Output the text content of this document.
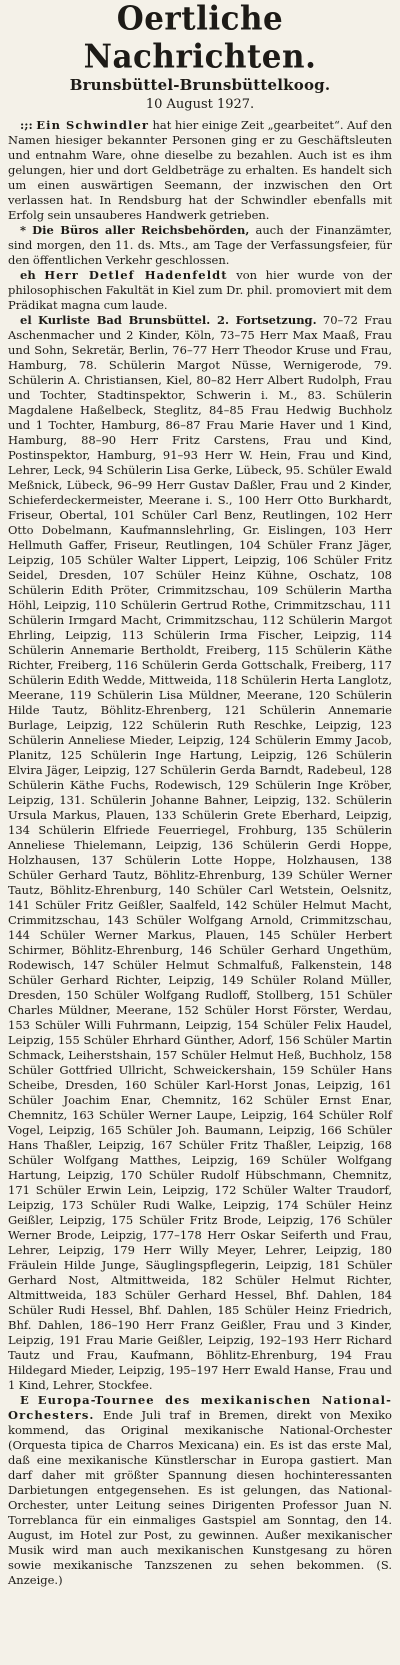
Oertliche Nachrichten.
Brunsbüttel-Brunsbüttelkoog.
10 August 1927.

:;: Ein Schwindler hat hier einige Zeit „gearbeitet“. Auf den Namen hiesiger bekannter Personen ging er zu Geschäftsleuten und entnahm Ware, ohne dieselbe zu bezahlen. Auch ist es ihm gelungen, hier und dort Geldbeträge zu erhalten. Es handelt sich um einen auswärtigen Seemann, der inzwischen den Ort verlassen hat. In Rendsburg hat der Schwindler ebenfalls mit Erfolg sein unsauberes Handwerk getrieben.

* Die Büros aller Reichsbehörden, auch der Finanzämter, sind morgen, den 11. ds. Mts., am Tage der Verfassungsfeier, für den öffentlichen Verkehr geschlossen.

eh Herr Detlef Hadenfeldt von hier wurde von der philosophischen Fakultät in Kiel zum Dr. phil. promoviert mit dem Prädikat magna cum laude.

el Kurliste Bad Brunsbüttel. 2. Fortsetzung. 70–72 Frau Aschenmacher und 2 Kinder, Köln, 73–75 Herr Max Maaß, Frau und Sohn, Sekretär, Berlin, 76–77 Herr Theodor Kruse und Frau, Hamburg, 78. Schülerin Margot Nüsse, Wernigerode, 79. Schülerin A. Christiansen, Kiel, 80–82 Herr Albert Rudolph, Frau und Tochter, Stadtinspektor, Schwerin i. M., 83. Schülerin Magdalene Haßelbeck, Steglitz, 84–85 Frau Hedwig Buchholz und 1 Tochter, Hamburg, 86–87 Frau Marie Haver und 1 Kind, Hamburg, 88–90 Herr Fritz Carstens, Frau und Kind, Postinspektor, Hamburg, 91–93 Herr W. Hein, Frau und Kind, Lehrer, Leck, 94 Schülerin Lisa Gerke, Lübeck, 95. Schüler Ewald Meßnick, Lübeck, 96–99 Herr Gustav Daßler, Frau und 2 Kinder, Schieferdeckermeister, Meerane i. S., 100 Herr Otto Burkhardt, Friseur, Obertal, 101 Schüler Carl Benz, Reutlingen, 102 Herr Otto Dobelmann, Kaufmannslehrling, Gr. Eislingen, 103 Herr Hellmuth Gaffer, Friseur, Reutlingen, 104 Schüler Franz Jäger, Leipzig, 105 Schüler Walter Lippert, Leipzig, 106 Schüler Fritz Seidel, Dresden, 107 Schüler Heinz Kühne, Oschatz, 108 Schülerin Edith Pröter, Crimmitzschau, 109 Schülerin Martha Höhl, Leipzig, 110 Schülerin Gertrud Rothe, Crimmitzschau, 111 Schülerin Irmgard Macht, Crimmitzschau, 112 Schülerin Margot Ehrling, Leipzig, 113 Schülerin Irma Fischer, Leipzig, 114 Schülerin Annemarie Bertholdt, Freiberg, 115 Schülerin Käthe Richter, Freiberg, 116 Schülerin Gerda Gottschalk, Freiberg, 117 Schülerin Edith Wedde, Mittweida, 118 Schülerin Herta Langlotz, Meerane, 119 Schülerin Lisa Müldner, Meerane, 120 Schülerin Hilde Tautz, Böhlitz-Ehrenberg, 121 Schülerin Annemarie Burlage, Leipzig, 122 Schülerin Ruth Reschke, Leipzig, 123 Schülerin Anneliese Mieder, Leipzig, 124 Schülerin Emmy Jacob, Planitz, 125 Schülerin Inge Hartung, Leipzig, 126 Schülerin Elvira Jäger, Leipzig, 127 Schülerin Gerda Barndt, Radebeul, 128 Schülerin Käthe Fuchs, Rodewisch, 129 Schülerin Inge Kröber, Leipzig, 131. Schülerin Johanne Bahner, Leipzig, 132. Schülerin Ursula Markus, Plauen, 133 Schülerin Grete Eberhard, Leipzig, 134 Schülerin Elfriede Feuerriegel, Frohburg, 135 Schülerin Anneliese Thielemann, Leipzig, 136 Schülerin Gerdi Hoppe, Holzhausen, 137 Schülerin Lotte Hoppe, Holzhausen, 138 Schüler Gerhard Tautz, Böhlitz-Ehrenburg, 139 Schüler Werner Tautz, Böhlitz-Ehrenburg, 140 Schüler Carl Wetstein, Oelsnitz, 141 Schüler Fritz Geißler, Saalfeld, 142 Schüler Helmut Macht, Crimmitzschau, 143 Schüler Wolfgang Arnold, Crimmitzschau, 144 Schüler Werner Markus, Plauen, 145 Schüler Herbert Schirmer, Böhlitz-Ehrenburg, 146 Schüler Gerhard Ungethüm, Rodewisch, 147 Schüler Helmut Schmalfuß, Falkenstein, 148 Schüler Gerhard Richter, Leipzig, 149 Schüler Roland Müller, Dresden, 150 Schüler Wolfgang Rudloff, Stollberg, 151 Schüler Charles Müldner, Meerane, 152 Schüler Horst Förster, Werdau, 153 Schüler Willi Fuhrmann, Leipzig, 154 Schüler Felix Haudel, Leipzig, 155 Schüler Ehrhard Günther, Adorf, 156 Schüler Martin Schmack, Leiherstshain, 157 Schüler Helmut Heß, Buchholz, 158 Schüler Gottfried Ullricht, Schweickershain, 159 Schüler Hans Scheibe, Dresden, 160 Schüler Karl-Horst Jonas, Leipzig, 161 Schüler Joachim Enar, Chemnitz, 162 Schüler Ernst Enar, Chemnitz, 163 Schüler Werner Laupe, Leipzig, 164 Schüler Rolf Vogel, Leipzig, 165 Schüler Joh. Baumann, Leipzig, 166 Schüler Hans Thaßler, Leipzig, 167 Schüler Fritz Thaßler, Leipzig, 168 Schüler Wolfgang Matthes, Leipzig, 169 Schüler Wolfgang Hartung, Leipzig, 170 Schüler Rudolf Hübschmann, Chemnitz, 171 Schüler Erwin Lein, Leipzig, 172 Schüler Walter Traudorf, Leipzig, 173 Schüler Rudi Walke, Leipzig, 174 Schüler Heinz Geißler, Leipzig, 175 Schüler Fritz Brode, Leipzig, 176 Schüler Werner Brode, Leipzig, 177–178 Herr Oskar Seiferth und Frau, Lehrer, Leipzig, 179 Herr Willy Meyer, Lehrer, Leipzig, 180 Fräulein Hilde Junge, Säuglingspflegerin, Leipzig, 181 Schüler Gerhard Nost, Altmittweida, 182 Schüler Helmut Richter, Altmittweida, 183 Schüler Gerhard Hessel, Bhf. Dahlen, 184 Schüler Rudi Hessel, Bhf. Dahlen, 185 Schüler Heinz Friedrich, Bhf. Dahlen, 186–190 Herr Franz Geißler, Frau und 3 Kinder, Leipzig, 191 Frau Marie Geißler, Leipzig, 192–193 Herr Richard Tautz und Frau, Kaufmann, Böhlitz-Ehrenburg, 194 Frau Hildegard Mieder, Leipzig, 195–197 Herr Ewald Hanse, Frau und 1 Kind, Lehrer, Stockfee.

E Europa-Tournee des mexikanischen National-Orchesters. Ende Juli traf in Bremen, direkt von Mexiko kommend, das Original mexikanische National-Orchester (Orquesta tipica de Charros Mexicana) ein. Es ist das erste Mal, daß eine mexikanische Künstlerschar in Europa gastiert. Man darf daher mit größter Spannung diesen hochinteressanten Darbietungen entgegensehen. Es ist gelungen, das National-Orchester, unter Leitung seines Dirigenten Professor Juan N. Torreblanca für ein einmaliges Gastspiel am Sonntag, den 14. August, im Hotel zur Post, zu gewinnen. Außer mexikanischer Musik wird man auch mexikanischen Kunstgesang zu hören sowie mexikanische Tanzszenen zu sehen bekommen. (S. Anzeige.)
